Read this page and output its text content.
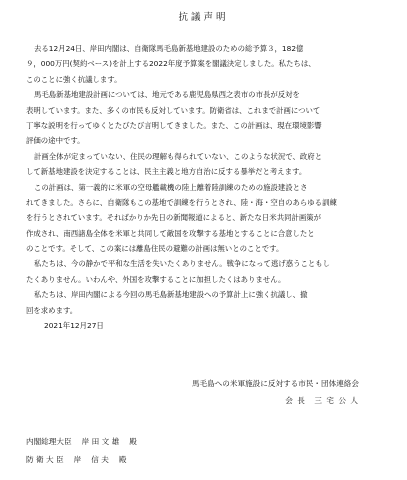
抗議声明

去る12月24日、岸田内閣は、自衛隊馬毛島新基地建設のための総予算３，182億
９，000万円(契約ベース)を計上する2022年度予算案を閣議決定しました。私たちは、
このことに強く抗議します。

馬毛島新基地建設計画については、地元である鹿児島県西之表市の市長が反対を
表明しています。また、多くの市民も反対しています。防衛省は、これまで計画について
丁寧な説明を行ってゆくとたびたび言明してきました。また、この計画は、現在環境影響
評価の途中です。

計画全体が定まっていない、住民の理解も得られていない、このような状況で、政府と
して新基地建設を決定することは、民主主義と地方自治に反する暴挙だと考えます。

この計画は、第一義的に米軍の空母艦載機の陸上離着陸訓練のための施設建設とさ
れてきました。さらに、自衛隊もこの基地で訓練を行うとされ、陸・海・空自のあらゆる訓練
を行うとされています。そればかりか先日の新聞報道によると、新たな日米共同計画策が
作成され、南西諸島全体を米軍と共同して敵国を攻撃する基地とすることに合意したと
のことです。そして、この案には離島住民の避難の計画は無いとのことです。

私たちは、今の静かで平和な生活を失いたくありません。戦争になって逃げ惑うこともし
たくありません。いわんや、外国を攻撃することに加担したくはありません。

私たちは、岸田内閣による今回の馬毛島新基地建設への予算計上に強く抗議し、撤
回を求めます。

2021年12月27日
馬毛島への米軍施設に反対する市民・団体連絡会
会 長　三 宅 公 人
内閣総理大臣　 岸 田 文 雄 　殿
防 衛 大 臣　 岸 　信 夫 　殿
